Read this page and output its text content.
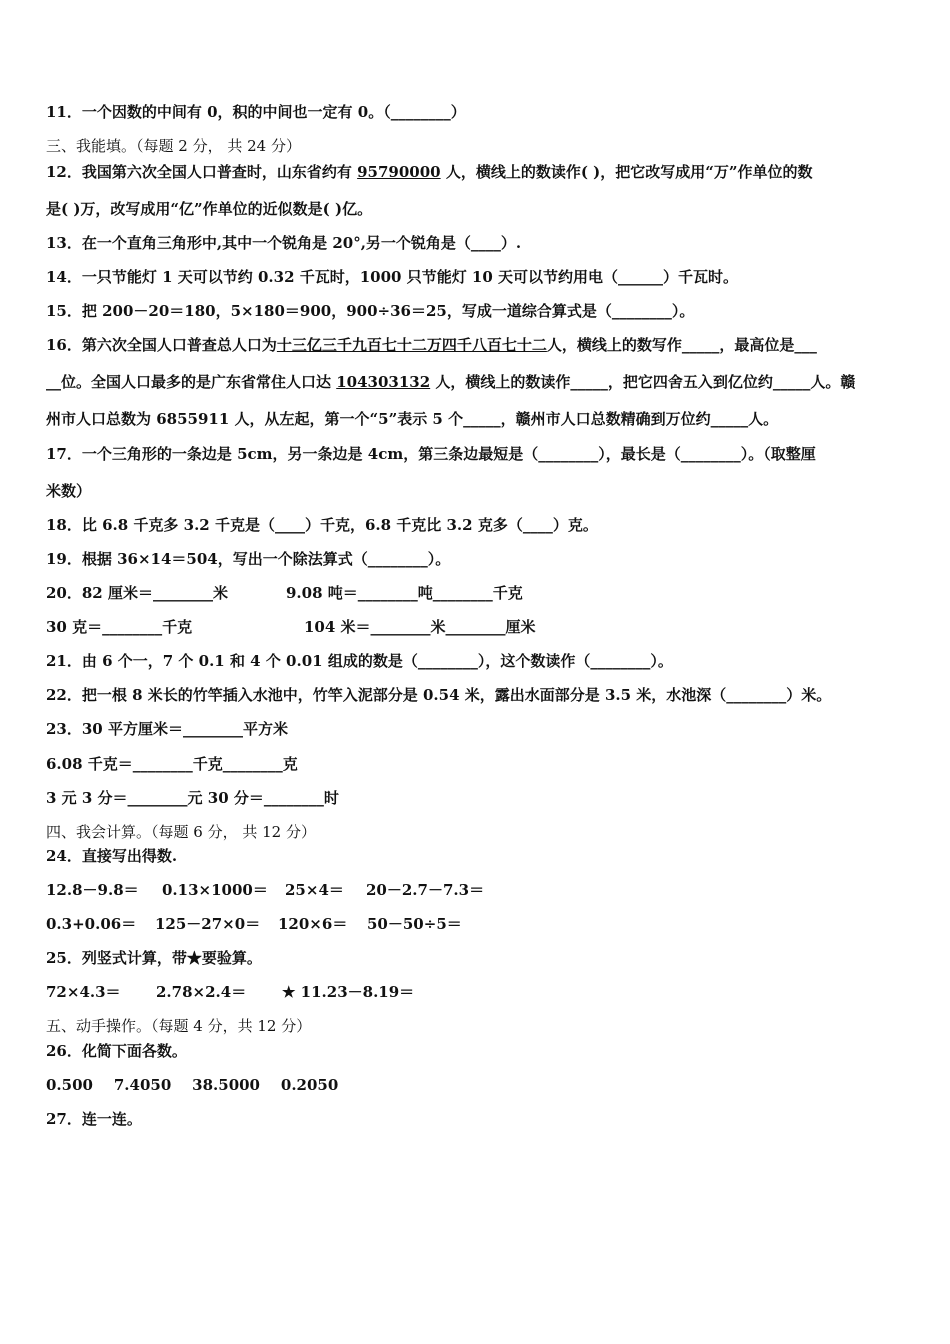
11．一个因数的中间有 0，积的中间也一定有 0。（________）
三、我能填。（每题 2 分， 共 24 分）
12．我国第六次全国人口普查时，山东省约有 95790000 人，横线上的数读作( )，把它改写成用“万”作单位的数
是( )万，改写成用“亿”作单位的近似数是( )亿。
13．在一个直角三角形中,其中一个锐角是 20°,另一个锐角是（____）.
14．一只节能灯 1 天可以节约 0.32 千瓦时，1000 只节能灯 10 天可以节约用电（______）千瓦时。
15．把 200－20＝180，5×180＝900，900÷36＝25，写成一道综合算式是（________）。
16．第六次全国人口普查总人口为十三亿三千九百七十二万四千八百七十二人，横线上的数写作_____，最高位是___
__位。全国人口最多的是广东省常住人口达 104303132 人，横线上的数读作_____，把它四舍五入到亿位约_____人。赣
州市人口总数为 6855911 人，从左起，第一个“5”表示 5 个_____，赣州市人口总数精确到万位约_____人。
17．一个三角形的一条边是 5cm，另一条边是 4cm，第三条边最短是（________），最长是（________）。（取整厘
米数）
18．比 6.8 千克多 3.2 千克是（____）千克，6.8 千克比 3.2 克多（____）克。
19．根据 36×14＝504，写出一个除法算式（________）。
20．82 厘米＝________米	9.08 吨＝________吨________千克
30 克＝________千克	104 米＝________米________厘米
21．由 6 个一，7 个 0.1 和 4 个 0.01 组成的数是（________），这个数读作（________）。
22．把一根 8 米长的竹竿插入水池中，竹竿入泥部分是 0.54 米，露出水面部分是 3.5 米，水池深（________）米。
23．30 平方厘米＝________平方米
6.08 千克＝________千克________克
3 元 3 分＝________元 30 分＝________时
四、我会计算。（每题 6 分， 共 12 分）
24．直接写出得数.
12.8－9.8＝ 0.13×1000＝ 25×4＝ 20－2.7－7.3＝
0.3+0.06＝ 125－27×0＝ 120×6＝ 50－50÷5＝
25．列竖式计算，带★要验算。
72×4.3＝ 2.78×2.4＝ ★ 11.23－8.19＝
五、动手操作。（每题 4 分，共 12 分）
26．化简下面各数。
0.500    7.4050    38.5000    0.2050
27．连一连。
